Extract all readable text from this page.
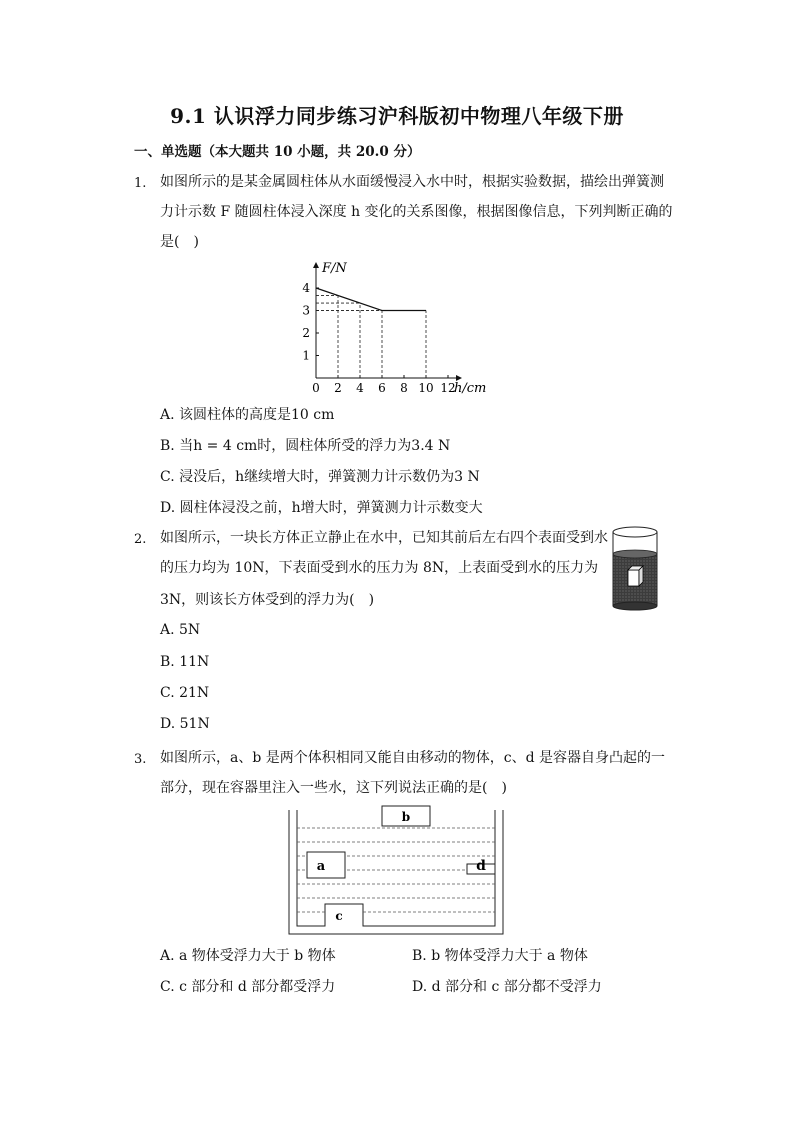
9.1 认识浮力同步练习沪科版初中物理八年级下册
一、单选题（本大题共 10 小题，共 20.0 分）
1. 如图所示的是某金属圆柱体从水面缓慢浸入水中时，根据实验数据，描绘出弹簧测
力计示数 F 随圆柱体浸入深度 h 变化的关系图像，根据图像信息，下列判断正确的
是(　)
0 2 4 6 8 10 12
1
2
3
4
F/N
h/cm
A. 该圆柱体的高度是10 cm
B. 当h = 4 cm时，圆柱体所受的浮力为3.4 N
C. 浸没后，h继续增大时，弹簧测力计示数仍为3 N
D. 圆柱体浸没之前，h增大时，弹簧测力计示数变大
2. 如图所示，一块长方体正立静止在水中，已知其前后左右四个表面受到水
的压力均为 10N，下表面受到水的压力为 8N，上表面受到水的压力为
3N，则该长方体受到的浮力为(　)
A. 5N
B. 11N
C. 21N
D. 51N
3. 如图所示，a、b 是两个体积相同又能自由移动的物体，c、d 是容器自身凸起的一
部分，现在容器里注入一些水，这下列说法正确的是(　)
b
a	d
c
A. a 物体受浮力大于 b 物体	B. b 物体受浮力大于 a 物体
C. c 部分和 d 部分都受浮力	D. d 部分和 c 部分都不受浮力
